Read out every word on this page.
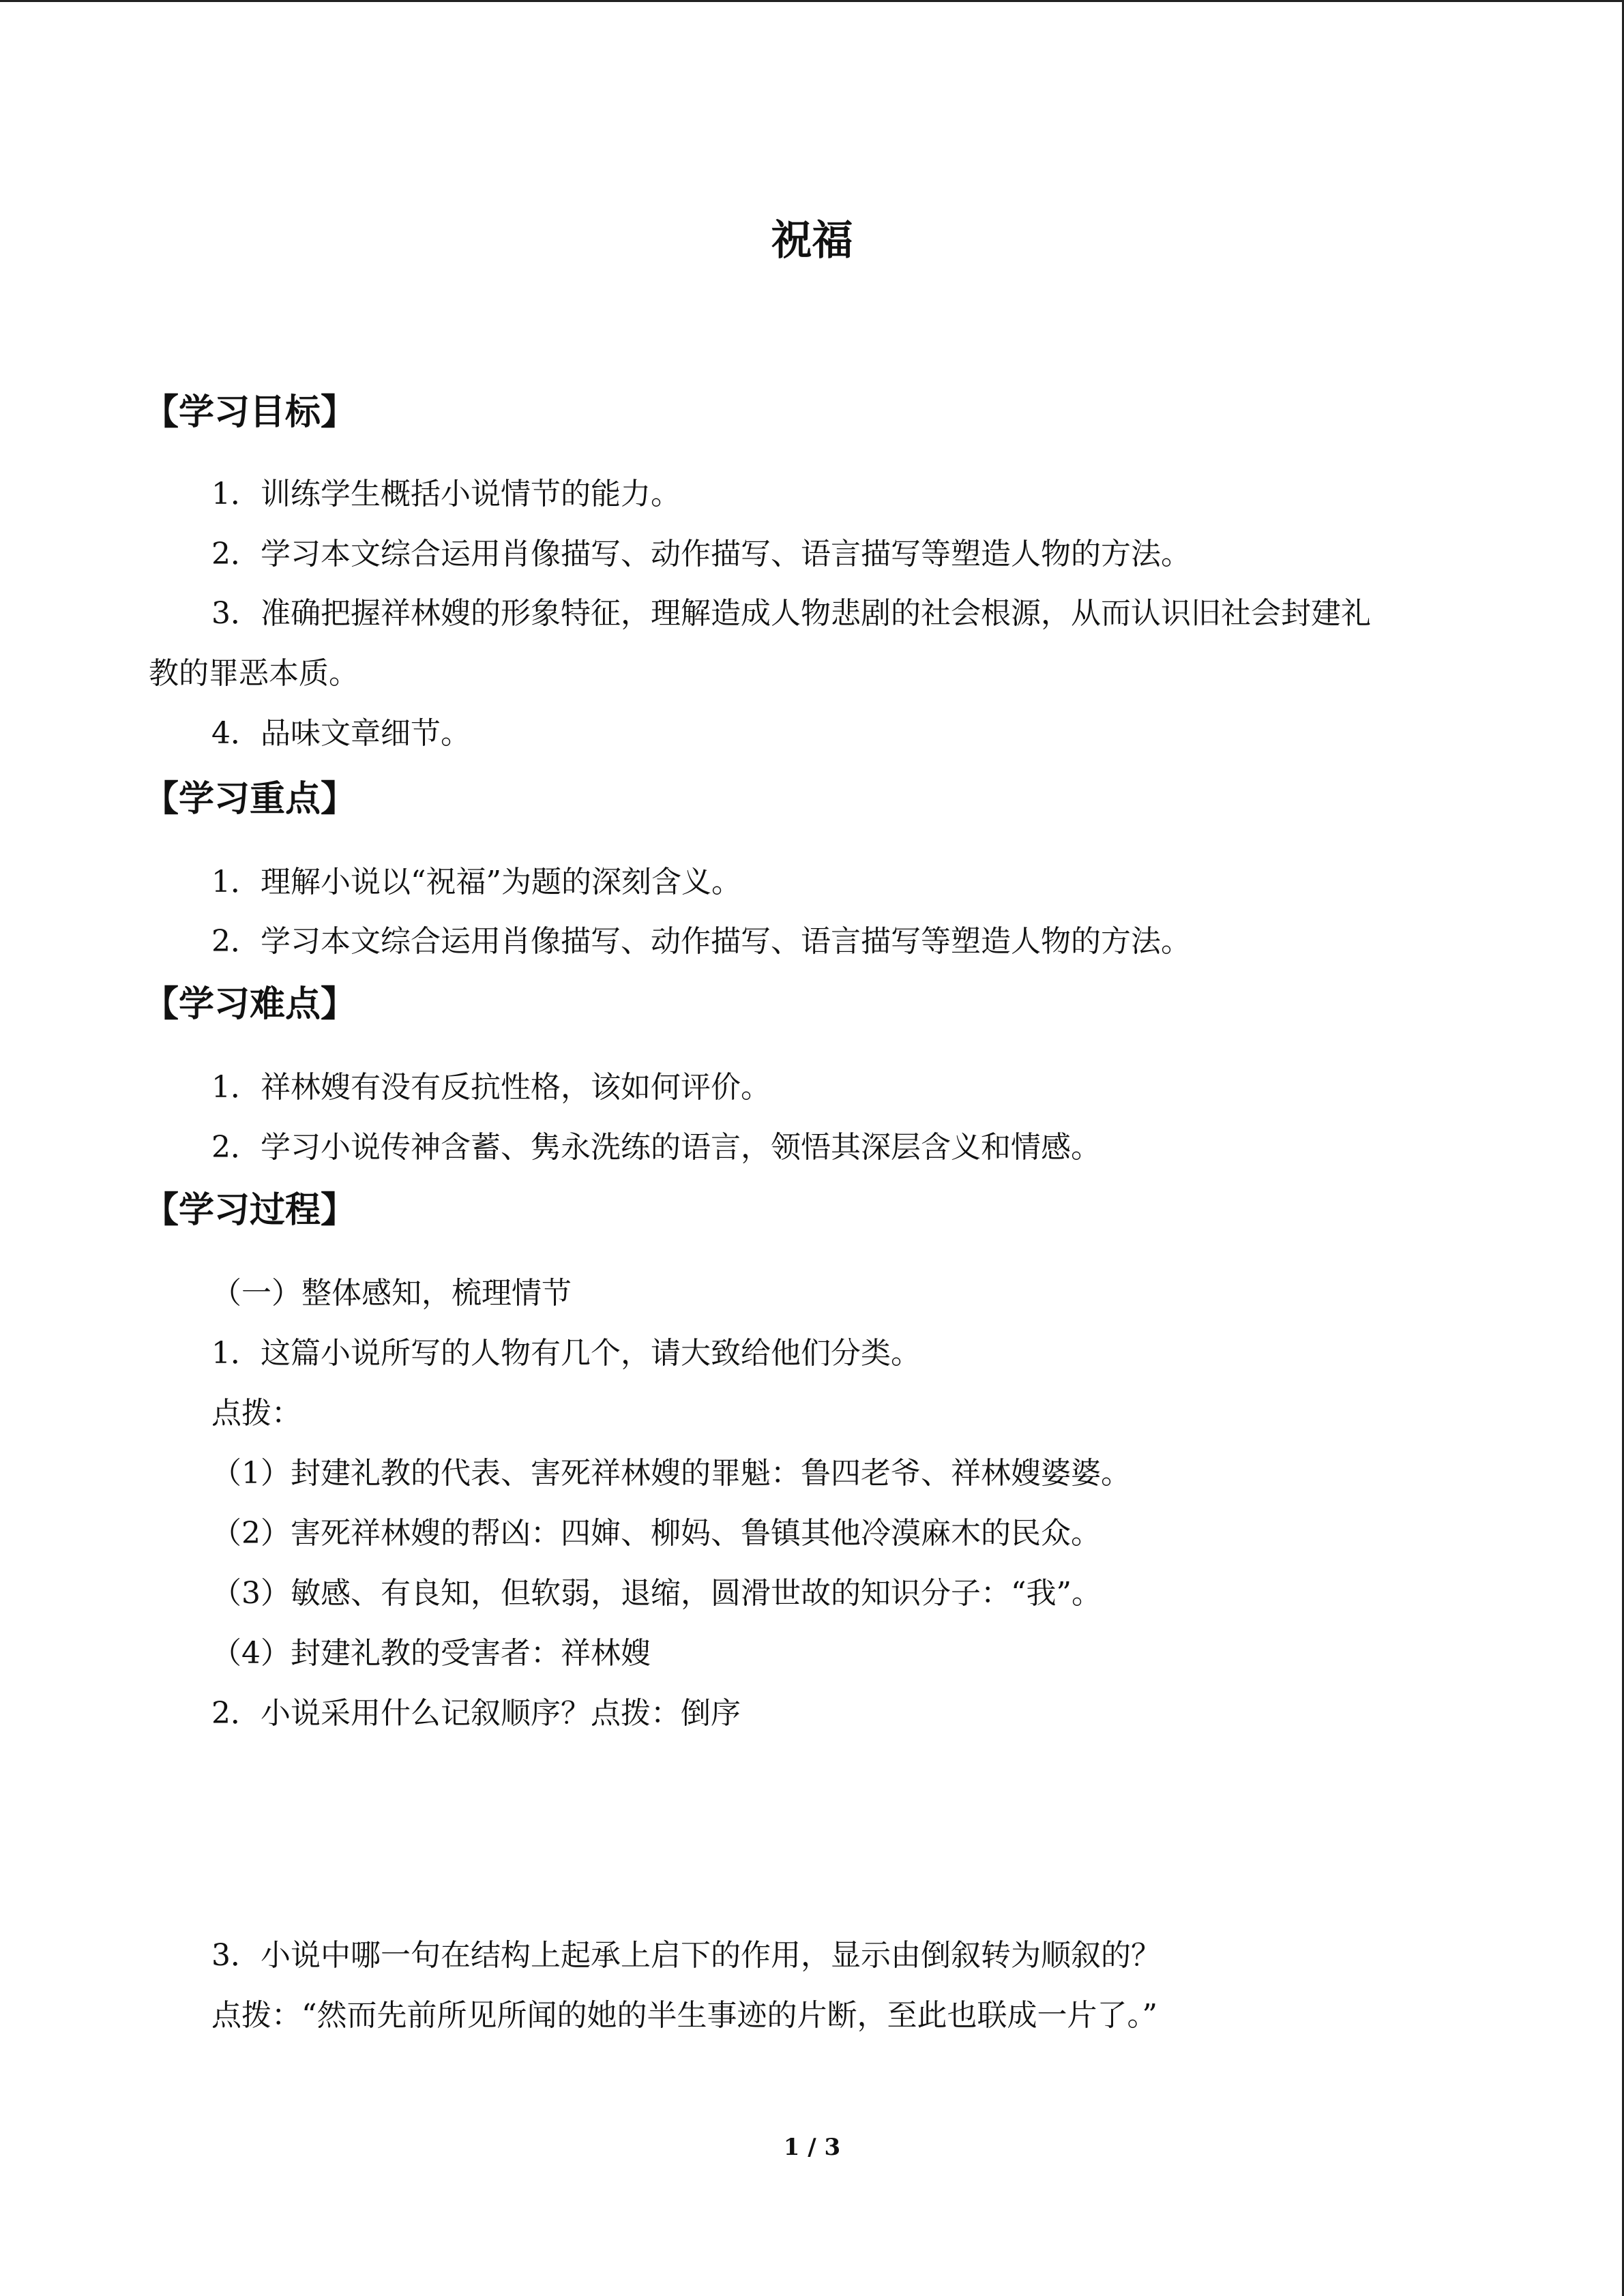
祝福
【学习目标】

1．训练学生概括小说情节的能力。

2．学习本文综合运用肖像描写、动作描写、语言描写等塑造人物的方法。

3．准确把握祥林嫂的形象特征，理解造成人物悲剧的社会根源，从而认识旧社会封建礼

教的罪恶本质。

4．品味文章细节。

【学习重点】

1．理解小说以“祝福”为题的深刻含义。

2．学习本文综合运用肖像描写、动作描写、语言描写等塑造人物的方法。

【学习难点】

1．祥林嫂有没有反抗性格，该如何评价。

2．学习小说传神含蓄、隽永洗练的语言，领悟其深层含义和情感。

【学习过程】

（一）整体感知，梳理情节

1．这篇小说所写的人物有几个，请大致给他们分类。

点拨：

（1）封建礼教的代表、害死祥林嫂的罪魁：鲁四老爷、祥林嫂婆婆。

（2）害死祥林嫂的帮凶：四婶、柳妈、鲁镇其他冷漠麻木的民众。

（3）敏感、有良知，但软弱，退缩，圆滑世故的知识分子：“我”。

（4）封建礼教的受害者：祥林嫂

2．小说采用什么记叙顺序？点拨：倒序

3．小说中哪一句在结构上起承上启下的作用，显示由倒叙转为顺叙的？

点拨：“然而先前所见所闻的她的半生事迹的片断，至此也联成一片了。”

1 / 3
